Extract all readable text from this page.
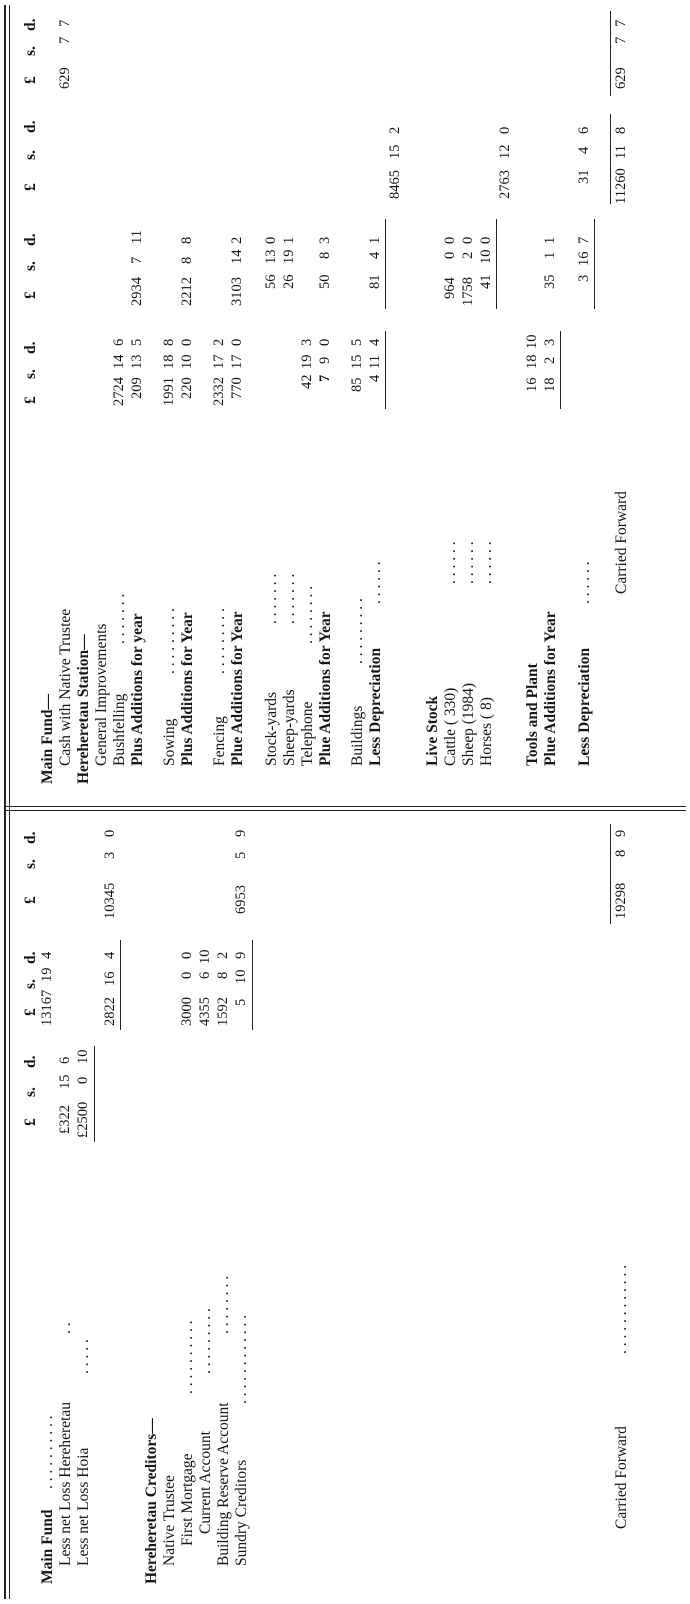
£
s.
d.
£
s.
d.
£
s.
d.
Main Fund
. . . . . . . . . .
13167
19
4
Less net Loss Hereheretau
. .
£322
15
6
Less net Loss Hoia
. . . . .
£2500
0
10
2822
16
4
10345
3
0
Hereheretau Creditors— Native Trustee First Mortgage
. . . . . . . . . .
3000
0
0
Current Account
. . . . . . . . .
4355
6
10
Building Reserve Account
. . . . . . . .
1592
8
2
Sundry Creditors
. . . . . . . . . . . .
5
10
9
6953
5
9
Carried Forward
. . . . . . . . . . . .
19298
8
9
£
s.
d.
£
s.
d.
£
s.
d.
£
s.
d.
Main Fund— Cash with Native Trustee
629
7
7
Hereheretau Station— General Improvements Bushfelling
. . . . . . .
2724
14
6
Plus Additions for year
209
13
5
2934
7
11
Sowing
. . . . . . . . .
1991
18
8
Plus Additions for Year
220
10
0
2212
8
8
Fencing
. . . . . . . . .
2332
17
2
Plue Additions for Year
770
17
0
3103
14
2
Stock-yards
. . . . . . .
56
13
0
Sheep-yards
. . . . . . .
26
19
1
Telephone
. . . . . . . .
42
19
3
Plue Additions for Year
7
9
0
50
8
3
Buildings
. . . . . . . . .
85
15
5
Less Depreciation
. . . . . .
4
11
4
81
4
1
8465
15
2
Live Stock Cattle ( 330)
. . . . . .
964
0
0
Sheep (1984)
. . . . . .
1758
2
0
Horses ( 8)
. . . . . .
41
10
0
2763
12
0
Tools and Plant
16
18
10
Plue Additions for Year
18
2
3
35
1
1
Less Depreciation
. . . . . .
3
16
7
31
4
6
Carried Forward
11260
11
8
629
7
7
